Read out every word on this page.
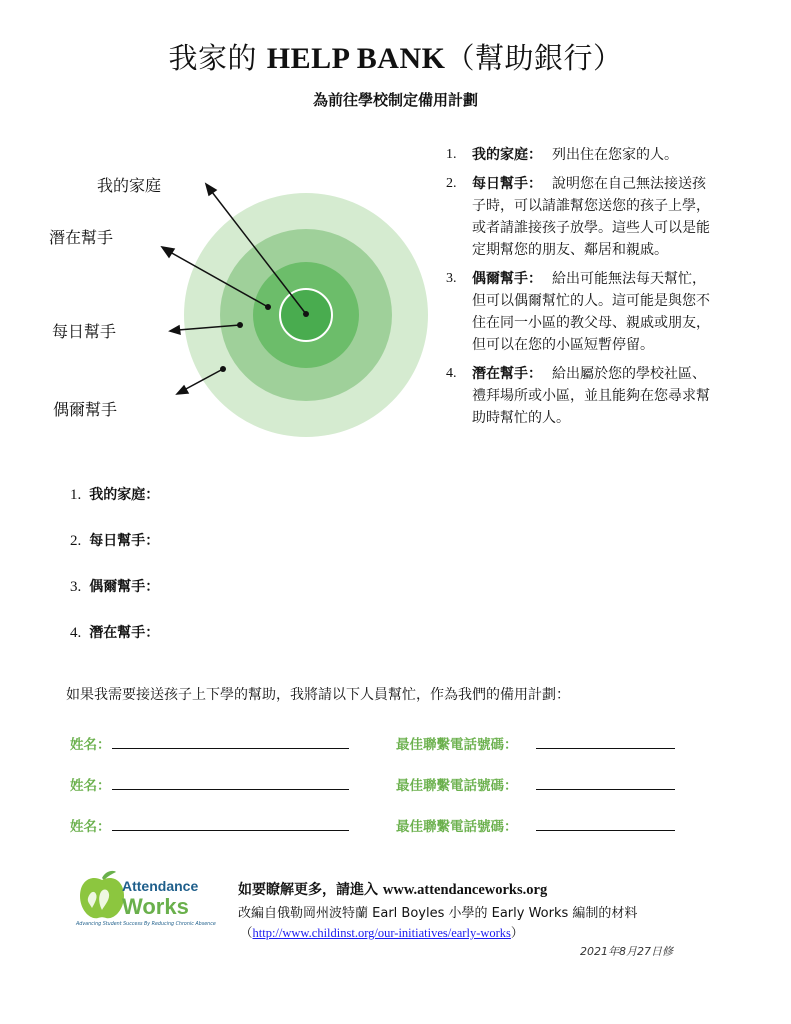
我家的 HELP BANK（幫助銀行）
為前往學校制定備用計劃
我的家庭
潛在幫手
每日幫手
偶爾幫手
1. 我的家庭： 列出住在您家的人。
2. 每日幫手： 說明您在自己無法接送孩
子時，可以請誰幫您送您的孩子上學，
或者請誰接孩子放學。這些人可以是能
定期幫您的朋友、鄰居和親戚。
3. 偶爾幫手： 給出可能無法每天幫忙，
但可以偶爾幫忙的人。這可能是與您不
住在同一小區的教父母、親戚或朋友，
但可以在您的小區短暫停留。
4. 潛在幫手： 給出屬於您的學校社區、
禮拜場所或小區，並且能夠在您尋求幫
助時幫忙的人。
1. 我的家庭：
2. 每日幫手：
3. 偶爾幫手：
4. 潛在幫手：
如果我需要接送孩子上下學的幫助，我將請以下人員幫忙，作為我們的備用計劃：
姓名：	最佳聯繫電話號碼：
姓名：	最佳聯繫電話號碼：
姓名：	最佳聯繫電話號碼：
Attendance
Works
Advancing Student Success By Reducing Chronic Absence
如要瞭解更多，請進入 www.attendanceworks.org
改編自俄勒岡州波特蘭 Earl Boyles 小學的 Early Works 編制的材料
（http://www.childinst.org/our-initiatives/early-works）
2021年8月27日修
